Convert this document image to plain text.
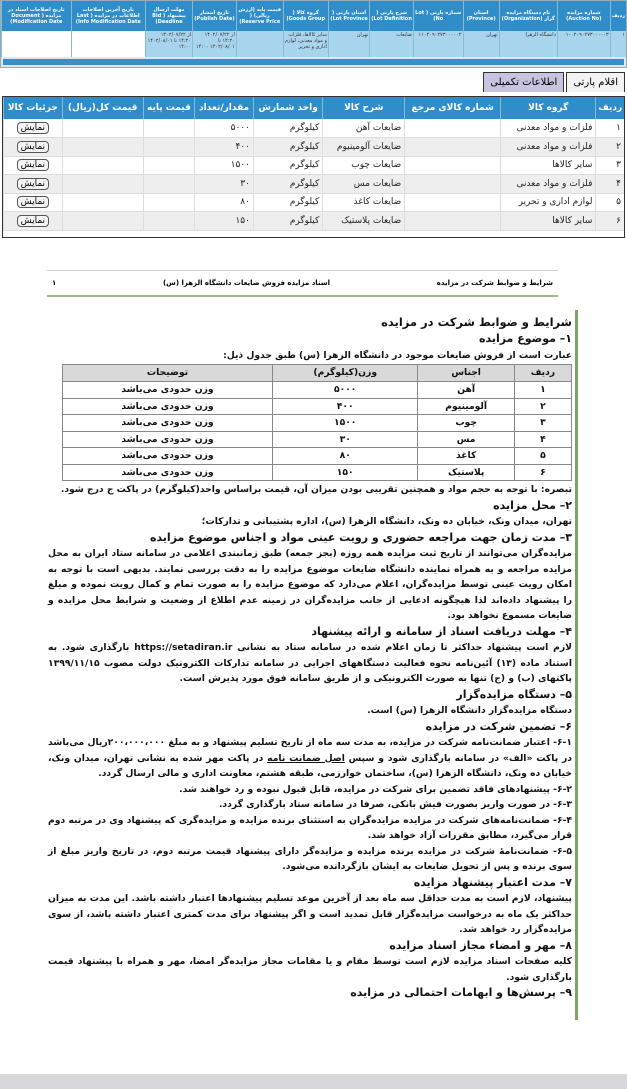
ردیف	شماره مزایده (Auction No)	نام دستگاه مزایده گزار (Organization)	استان (Province)	شماره پارتی ( Lot No)	شرح پارتی ( Lot Definition)	استان پارتی ( Lot Province)	گروه کالا ( Goods Group)	قیمت پایه (ارزش ریالی) ( Reserve Price)	تاریخ انتشار (Publish Date)	مهلت ارسال پیشنهاد ( Bid Deadline)	تاریخ آخرین اصلاحات اطلاعات در مزایده ( Last Info Modification Date)	تاریخ اصلاحات اسناد در مزایده ( Document Modification Date)
۱	۱۰۰۲۰۹۰۲۷۳۰۰۰۰۰۳	دانشگاه الزهرا	تهران	۱۱۰۲۰۹۰۲۷۳۰۰۰۰۰۲	ضایعات	تهران	سایر کالاها، فلزات و مواد معدنی، لوازم اداری و تحریر		از ۱۴۰۲/۰۷/۲۲ ۱۴:۲۰ تا ۱۴۰۲/۰۸/۰۱ ۱۴:۰۰	از ۱۴۰۲/۰۷/۲۲ ۱۴:۲۰ تا ۱۴۰۲/۰۸/۰۱ ۱۴:۰۰		
اقلام پارتی
اطلاعات تکمیلی
ردیف	گروه کالا	شماره کالای مرجع	شرح کالا	واحد شمارش	مقدار/تعداد	قیمت پایه	قیمت کل(ریال)	جزئیات کالا
۱	فلزات و مواد معدنی		ضایعات آهن	کیلوگرم	۵۰۰۰			نمایش
۲	فلزات و مواد معدنی		ضایعات آلومینیوم	کیلوگرم	۴۰۰			نمایش
۳	سایر کالاها		ضایعات چوب	کیلوگرم	۱۵۰۰			نمایش
۴	فلزات و مواد معدنی		ضایعات مس	کیلوگرم	۳۰			نمایش
۵	لوازم اداری و تحریر		ضایعات کاغذ	کیلوگرم	۸۰			نمایش
۶	سایر کالاها		ضایعات پلاستیک	کیلوگرم	۱۵۰			نمایش
شرایط و ضوابط شرکت در مزایده
اسناد مزایده فروش ضایعات دانشگاه الزهرا (س)
۱
شرایط و ضوابط شرکت در مزایده
۱– موضوع مزایده

عبارت است از فروش ضایعات موجود در دانشگاه الزهرا (س) طبق جدول ذیل:

ردیف	اجناس	وزن(کیلوگرم)	توضیحات
۱	آهن	۵۰۰۰	وزن حدودی می‌باشد
۲	آلومینیوم	۴۰۰	وزن حدودی می‌باشد
۳	چوب	۱۵۰۰	وزن حدودی می‌باشد
۴	مس	۳۰	وزن حدودی می‌باشد
۵	کاغذ	۸۰	وزن حدودی می‌باشد
۶	پلاستیک	۱۵۰	وزن حدودی می‌باشد

تبصره: با توجه به حجم مواد و همچنین تقریبی بودن میزان آن، قیمت براساس واحد(کیلوگرم) در پاکت ج درج شود.

۲– محل مزایده

تهران، میدان ونک، خیابان ده ونک، دانشگاه الزهرا (س)، اداره پشتیبانی و تدارکات؛

۳– مدت زمان جهت مراجعه حضوری و رویت عینی مواد و اجناس موضوع مزایده

مزایده‌گران می‌توانند از تاریخ ثبت مزایده همه روزه (بجز جمعه) طبق زمانبندی اعلامی در سامانه ستاد ایران به محل مزایده مراجعه و به همراه نماینده دانشگاه ضایعات موضوع مزایده را به دقت بررسی نمایند. بدیهی است با توجه به امکان رویت عینی توسط مزایده‌گران، اعلام می‌دارد که موضوع مزایده را به صورت تمام و کمال رویت نموده و مبلغ را پیشنهاد داده‌اند لذا هیچگونه ادعایی از جانب مزایده‌گران در زمینه عدم اطلاع از وضعیت و شرایط محل مزایده و ضایعات مسموع نخواهد بود.

۴– مهلت دریافت اسناد از سامانه و ارائه پیشنهاد

لازم است پیشنهاد حداکثر تا زمان اعلام شده در سامانه ستاد به نشانی https://setadiran.ir بارگذاری شود. به استناد ماده (۱۳) آئین‌نامه نحوه فعالیت دستگاههای اجرایی در سامانه تدارکات الکترونیک دولت مصوب ۱۳۹۹/۱۱/۱۵ پاکتهای (ب) و (ج) تنها به صورت الکترونیکی و از طریق سامانه فوق مورد پذیرش است.

۵– دستگاه مزایده‌گزار

دستگاه مزایده‌گزار دانشگاه الزهرا (س) است.

۶– تضمین شرکت در مزایده

۶-۱- اعتبار ضمانت‌نامه شرکت در مزایده، به مدت سه ماه از تاریخ تسلیم پیشنهاد و به مبلغ ۲۰۰،۰۰۰،۰۰۰ریال می‌باشد در پاکت «الف» در سامانه بارگذاری شود و سپس اصل ضمانت نامه در پاکت مهر شده به نشانی تهران، میدان ونک، خیابان ده ونک، دانشگاه الزهرا (س)، ساختمان خوارزمی، طبقه هشتم، معاونت اداری و مالی ارسال گردد.

۶-۲- پیشنهادهای فاقد تضمین برای شرکت در مزایده، قابل قبول نبوده و رد خواهند شد.

۶-۳- در صورت واریز بصورت فیش بانکی، صرفا در سامانه ستاد بارگذاری گردد.

۶-۴- ضمانت‌نامه‌های شرکت در مزایده مزایده‌گران به استثنای برنده مزایده و مزایده‌گری که پیشنهاد وی در مرتبه دوم قرار می‌گیرد، مطابق مقررات آزاد خواهد شد.

۶-۵- ضمانت‌نامهٔ شرکت در مزایده برنده مزایده و مزایده‌گر دارای پیشنهاد قیمت مرتبه دوم، در تاریخ واریز مبلغ از سوی برنده و پس از تحویل ضایعات به ایشان بازگردانده می‌شود.

۷– مدت اعتبار پیشنهاد مزایده

پیشنهاد، لازم است به مدت حداقل سه ماه بعد از آخرین موعد تسلیم پیشنهادها اعتبار داشته باشد. این مدت به میزان حداکثر یک ماه به درخواست مزایده‌گزار قابل تمدید است و اگر پیشنهاد برای مدت کمتری اعتبار داشته باشد، از سوی مزایده‌گزار رد خواهد شد.

۸– مهر و امضاء مجاز اسناد مزایده

کلیه صفحات اسناد مزایده لازم است توسط مقام و یا مقامات مجاز مزایده‌گر امضا، مهر و همراه با پیشنهاد قیمت بارگذاری شود.

۹– پرسش‌ها و ابهامات احتمالی در مزایده
